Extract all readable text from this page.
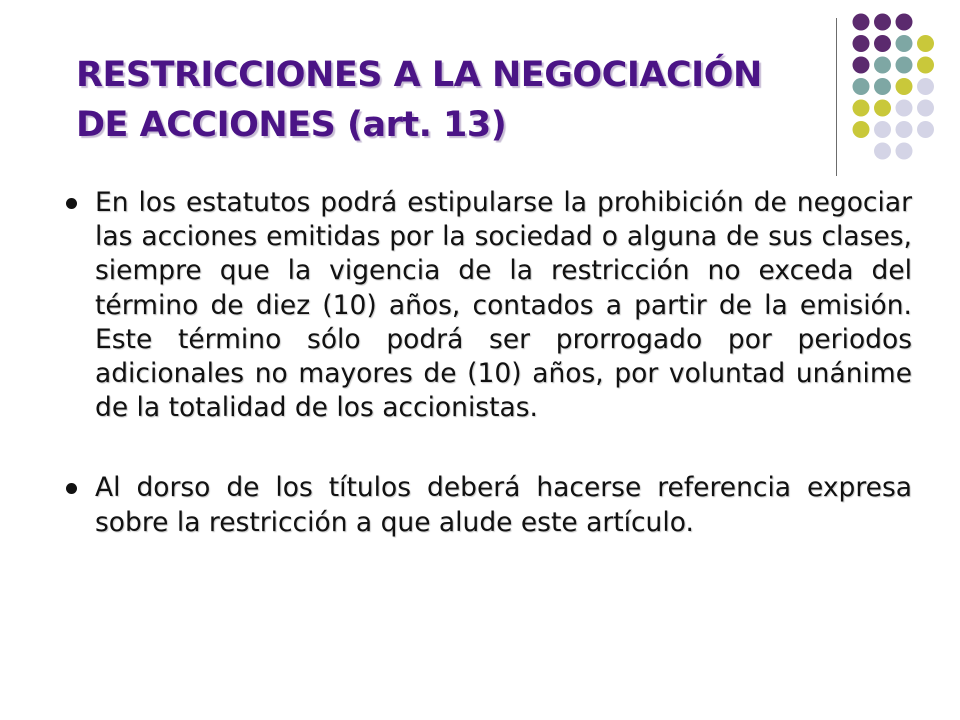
RESTRICCIONES A LA NEGOCIACIÓN
DE ACCIONES (art. 13)

En los estatutos podrá estipularse la prohibición de negociar las acciones emitidas por la sociedad o alguna de sus clases, siempre que la vigencia de la restricción no exceda del término de diez (10) años, contados a partir de la emisión. Este término sólo podrá ser prorrogado por periodos adicionales no mayores de (10) años, por voluntad unánime de la totalidad de los accionistas.

Al dorso de los títulos deberá hacerse referencia expresa sobre la restricción a que alude este artículo.
